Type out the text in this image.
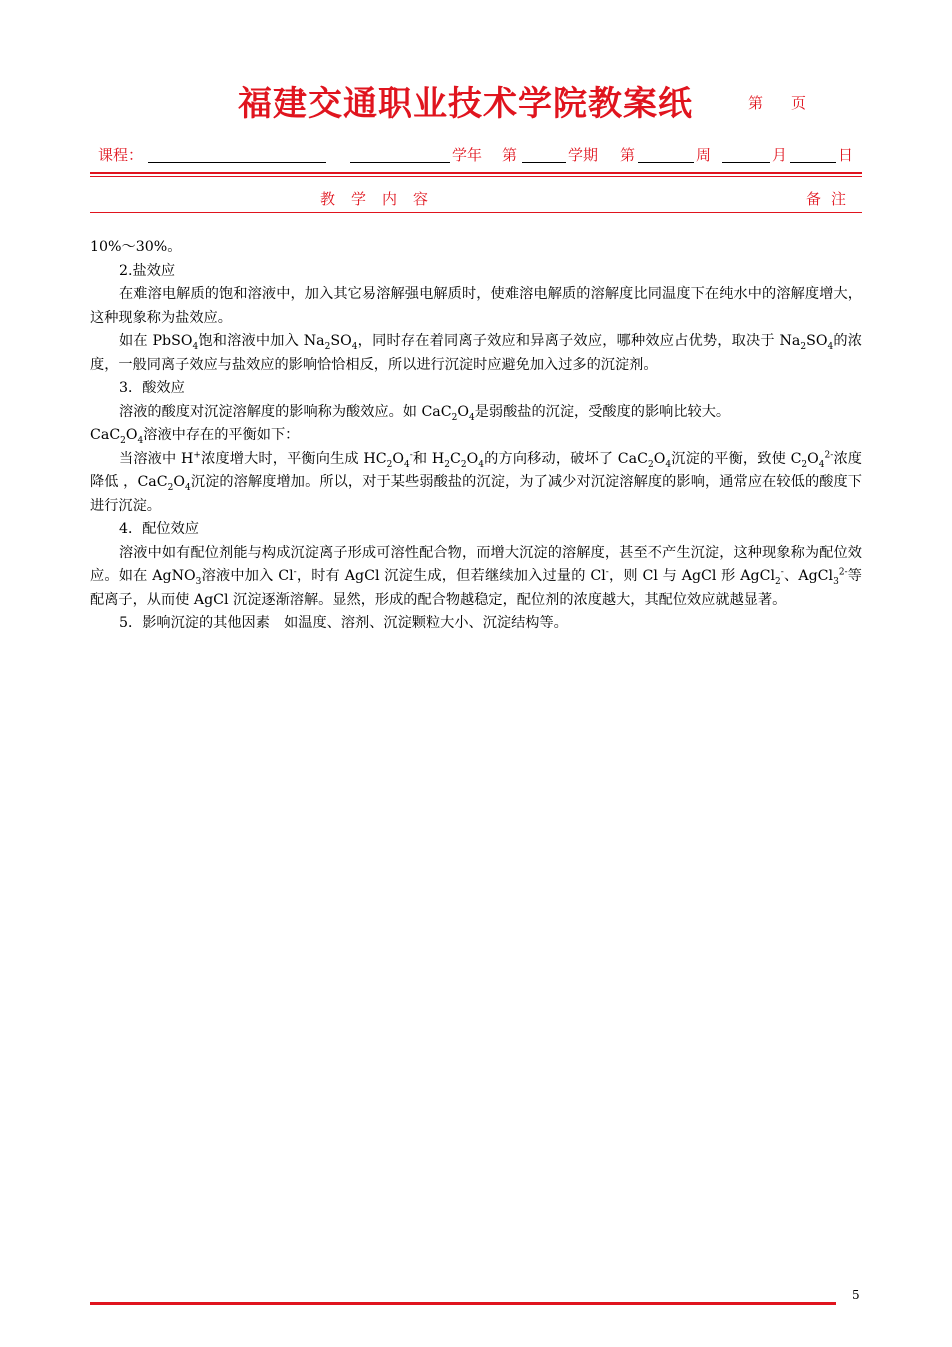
福建交通职业技术学院教案纸	第 页
课程：	学年 第	学期 第	周	月	日
教学内容	备注

10%～30%。

2.盐效应

在难溶电解质的饱和溶液中，加入其它易溶解强电解质时，使难溶电解质的溶解度比同温度下在纯水中的溶解度增大，这种现象称为盐效应。

如在 PbSO$_4$饱和溶液中加入 $Na_2SO_4$，同时存在着同离子效应和异离子效应，哪种效应占优势，取决于 $Na_2SO_4$的浓度，一般同离子效应与盐效应的影响恰恰相反，所以进行沉淀时应避免加入过多的沉淀剂。

3．酸效应

溶液的酸度对沉淀溶解度的影响称为酸效应。如 $CaC_2O_4$是弱酸盐的沉淀，受酸度的影响比较大。

$CaC_2O_4$溶液中存在的平衡如下：

当溶液中 H+浓度增大时，平衡向生成 $HC_2O_4^-$和 $H_2C_2O_4$的方向移动，破坏了 $CaC_2O_4$沉淀的平衡，致使 $C_2O_4^{2-}$浓度降低 ，$CaC_2O_4$沉淀的溶解度增加。所以，对于某些弱酸盐的沉淀，为了减少对沉淀溶解度的影响，通常应在较低的酸度下进行沉淀。

4．配位效应

溶液中如有配位剂能与构成沉淀离子形成可溶性配合物，而增大沉淀的溶解度，甚至不产生沉淀，这种现象称为配位效应。如在 AgNO$_3$溶液中加入 Cl-，时有 AgCl 沉淀生成，但若继续加入过量的 Cl-，则 Cl 与 AgCl 形 AgCl$_2$-、AgCl$_3^{2-}$等配离子，从而使 AgCl 沉淀逐渐溶解。显然，形成的配合物越稳定，配位剂的浓度越大，其配位效应就越显著。

5．影响沉淀的其他因素　如温度、溶剂、沉淀颗粒大小、沉淀结构等。

5
